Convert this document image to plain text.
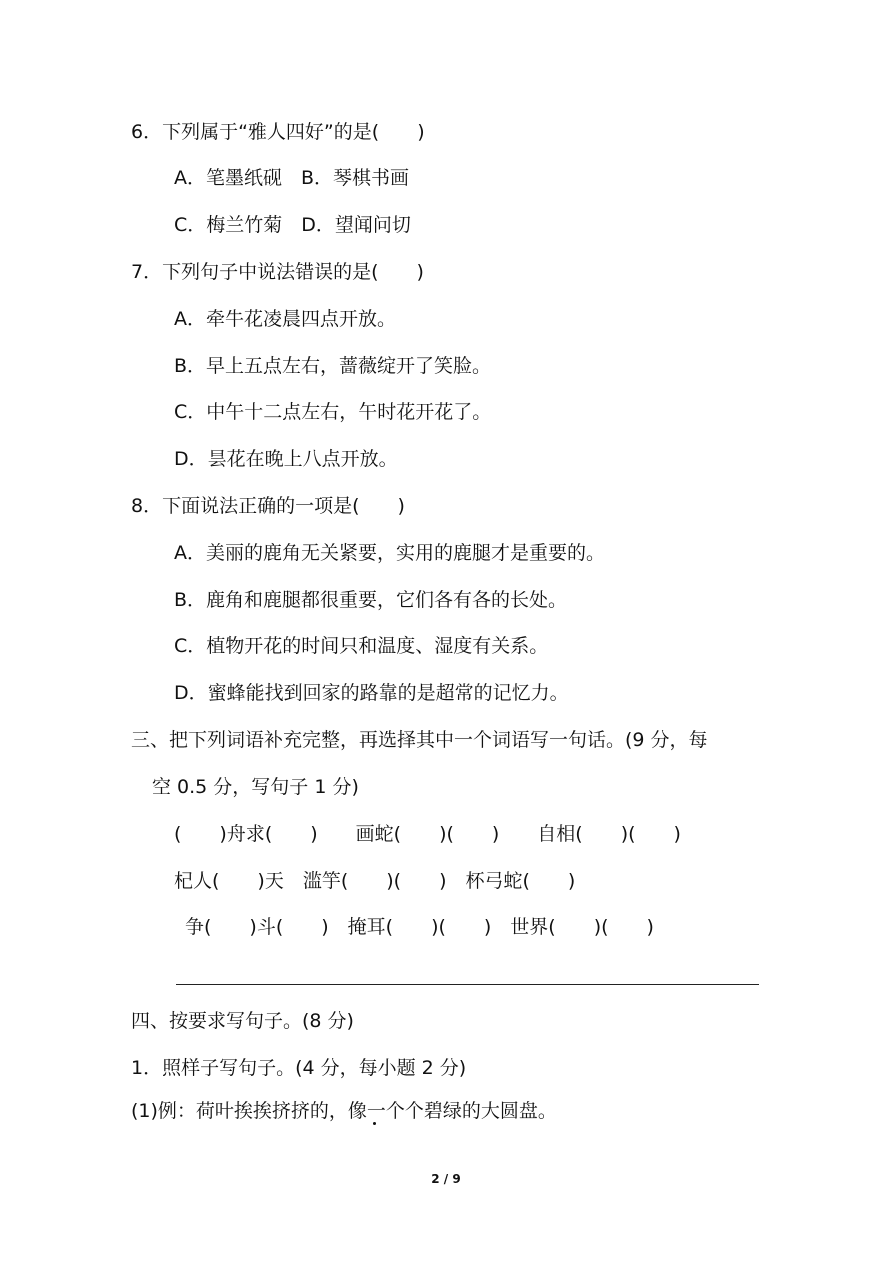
6．下列属于“雅人四好”的是(　　)
A．笔墨纸砚　B．琴棋书画
C．梅兰竹菊　D．望闻问切
7．下列句子中说法错误的是(　　)
A．牵牛花凌晨四点开放。
B．早上五点左右，蔷薇绽开了笑脸。
C．中午十二点左右，午时花开花了。
D．昙花在晚上八点开放。
8．下面说法正确的一项是(　　)
A．美丽的鹿角无关紧要，实用的鹿腿才是重要的。
B．鹿角和鹿腿都很重要，它们各有各的长处。
C．植物开花的时间只和温度、湿度有关系。
D．蜜蜂能找到回家的路靠的是超常的记忆力。
三、把下列词语补充完整，再选择其中一个词语写一句话。(9 分，每
空 0.5 分，写句子 1 分)
(　　)舟求(　　)　　画蛇(　　)(　　)　　自相(　　)(　　)
杞人(　　)天　滥竽(　　)(　　)　杯弓蛇(　　)
争(　　)斗(　　)　掩耳(　　)(　　)　世界(　　)(　　)
四、按要求写句子。(8 分)
1．照样子写句子。(4 分，每小题 2 分)
(1)例：荷叶挨挨挤挤的，像一个个碧绿的大圆盘。
2 / 9
